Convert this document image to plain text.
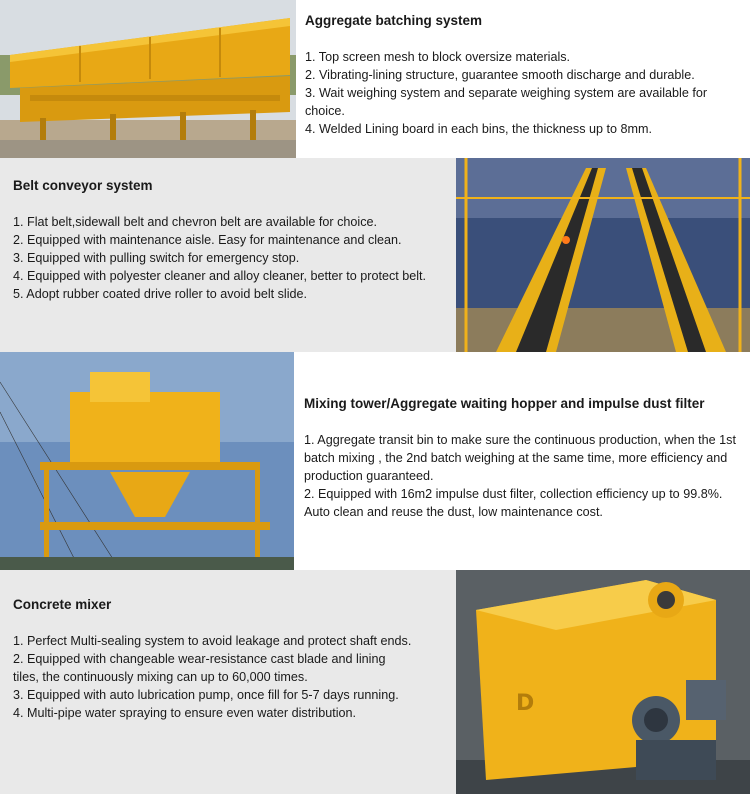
Aggregate batching system
1. Top screen mesh to block oversize materials.
2. Vibrating-lining structure, guarantee smooth discharge and durable.
3. Wait weighing system and separate weighing system are available for choice.
4. Welded Lining board in each bins, the thickness up to 8mm.
Belt conveyor system
1. Flat belt,sidewall belt and chevron belt are available for choice.
2. Equipped with maintenance aisle. Easy for maintenance and clean.
3. Equipped with pulling switch for emergency stop.
4. Equipped with polyester cleaner and alloy cleaner, better to protect belt.
5. Adopt rubber coated drive roller to avoid belt slide.
Mixing tower/Aggregate waiting hopper and impulse dust filter
1. Aggregate transit bin to make sure the continuous production, when the 1st batch mixing , the 2nd batch weighing at the same time, more efficiency and production guaranteed.
2. Equipped with 16m2 impulse dust filter, collection efficiency up to 99.8%. Auto clean and reuse the dust, low maintenance cost.
Concrete mixer
1. Perfect Multi-sealing system to avoid leakage and protect shaft ends.
2. Equipped with changeable wear-resistance cast blade and lining tiles, the continuously mixing can up to 60,000 times.
3. Equipped with auto lubrication pump, once fill for 5-7 days running.
4. Multi-pipe water spraying to ensure even water distribution.	D
